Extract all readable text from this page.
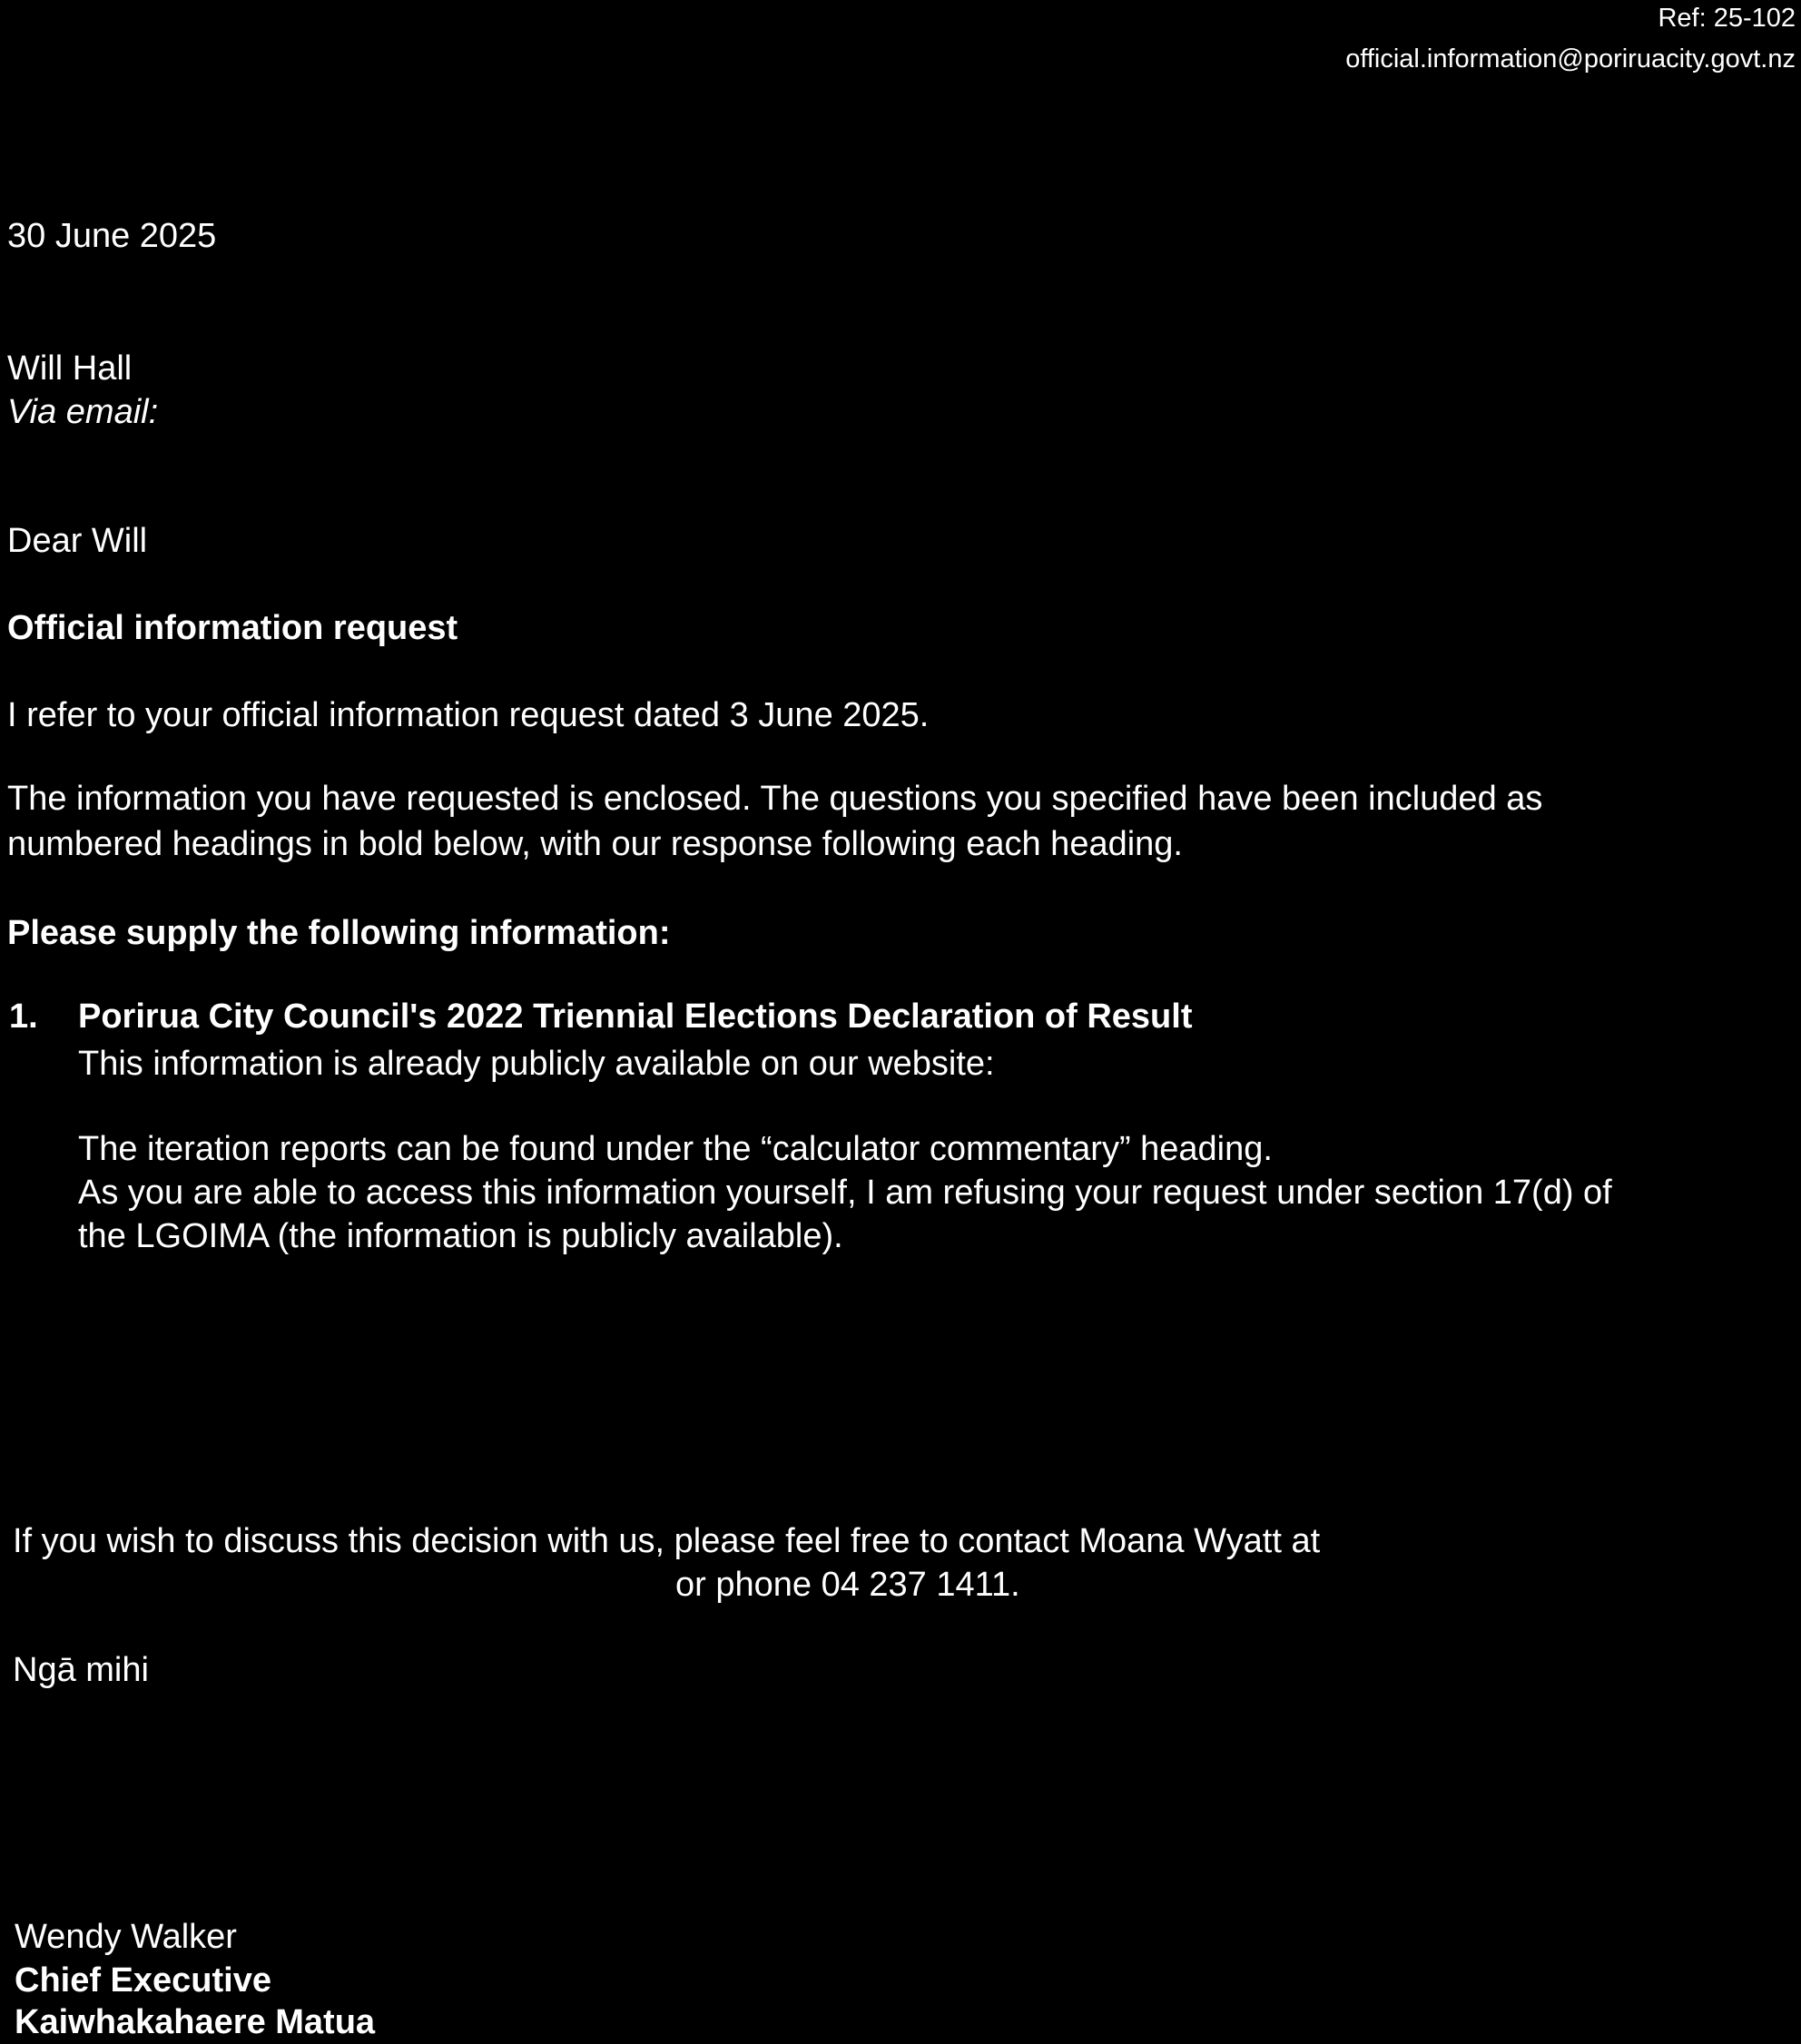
Ref: 25-102
official.information@poriruacity.govt.nz
30 June 2025
Will Hall
Via email:
Dear Will
Official information request
I refer to your official information request dated 3 June 2025.
The information you have requested is enclosed. The questions you specified have been included as
numbered headings in bold below, with our response following each heading.
Please supply the following information:
1. Porirua City Council's 2022 Triennial Elections Declaration of Result
This information is already publicly available on our website:
The iteration reports can be found under the “calculator commentary” heading.
As you are able to access this information yourself, I am refusing your request under section 17(d) of
the LGOIMA (the information is publicly available).
If you wish to discuss this decision with us, please feel free to contact Moana Wyatt at
or phone 04 237 1411.
Ngā mihi
Wendy Walker
Chief Executive
Kaiwhakahaere Matua
